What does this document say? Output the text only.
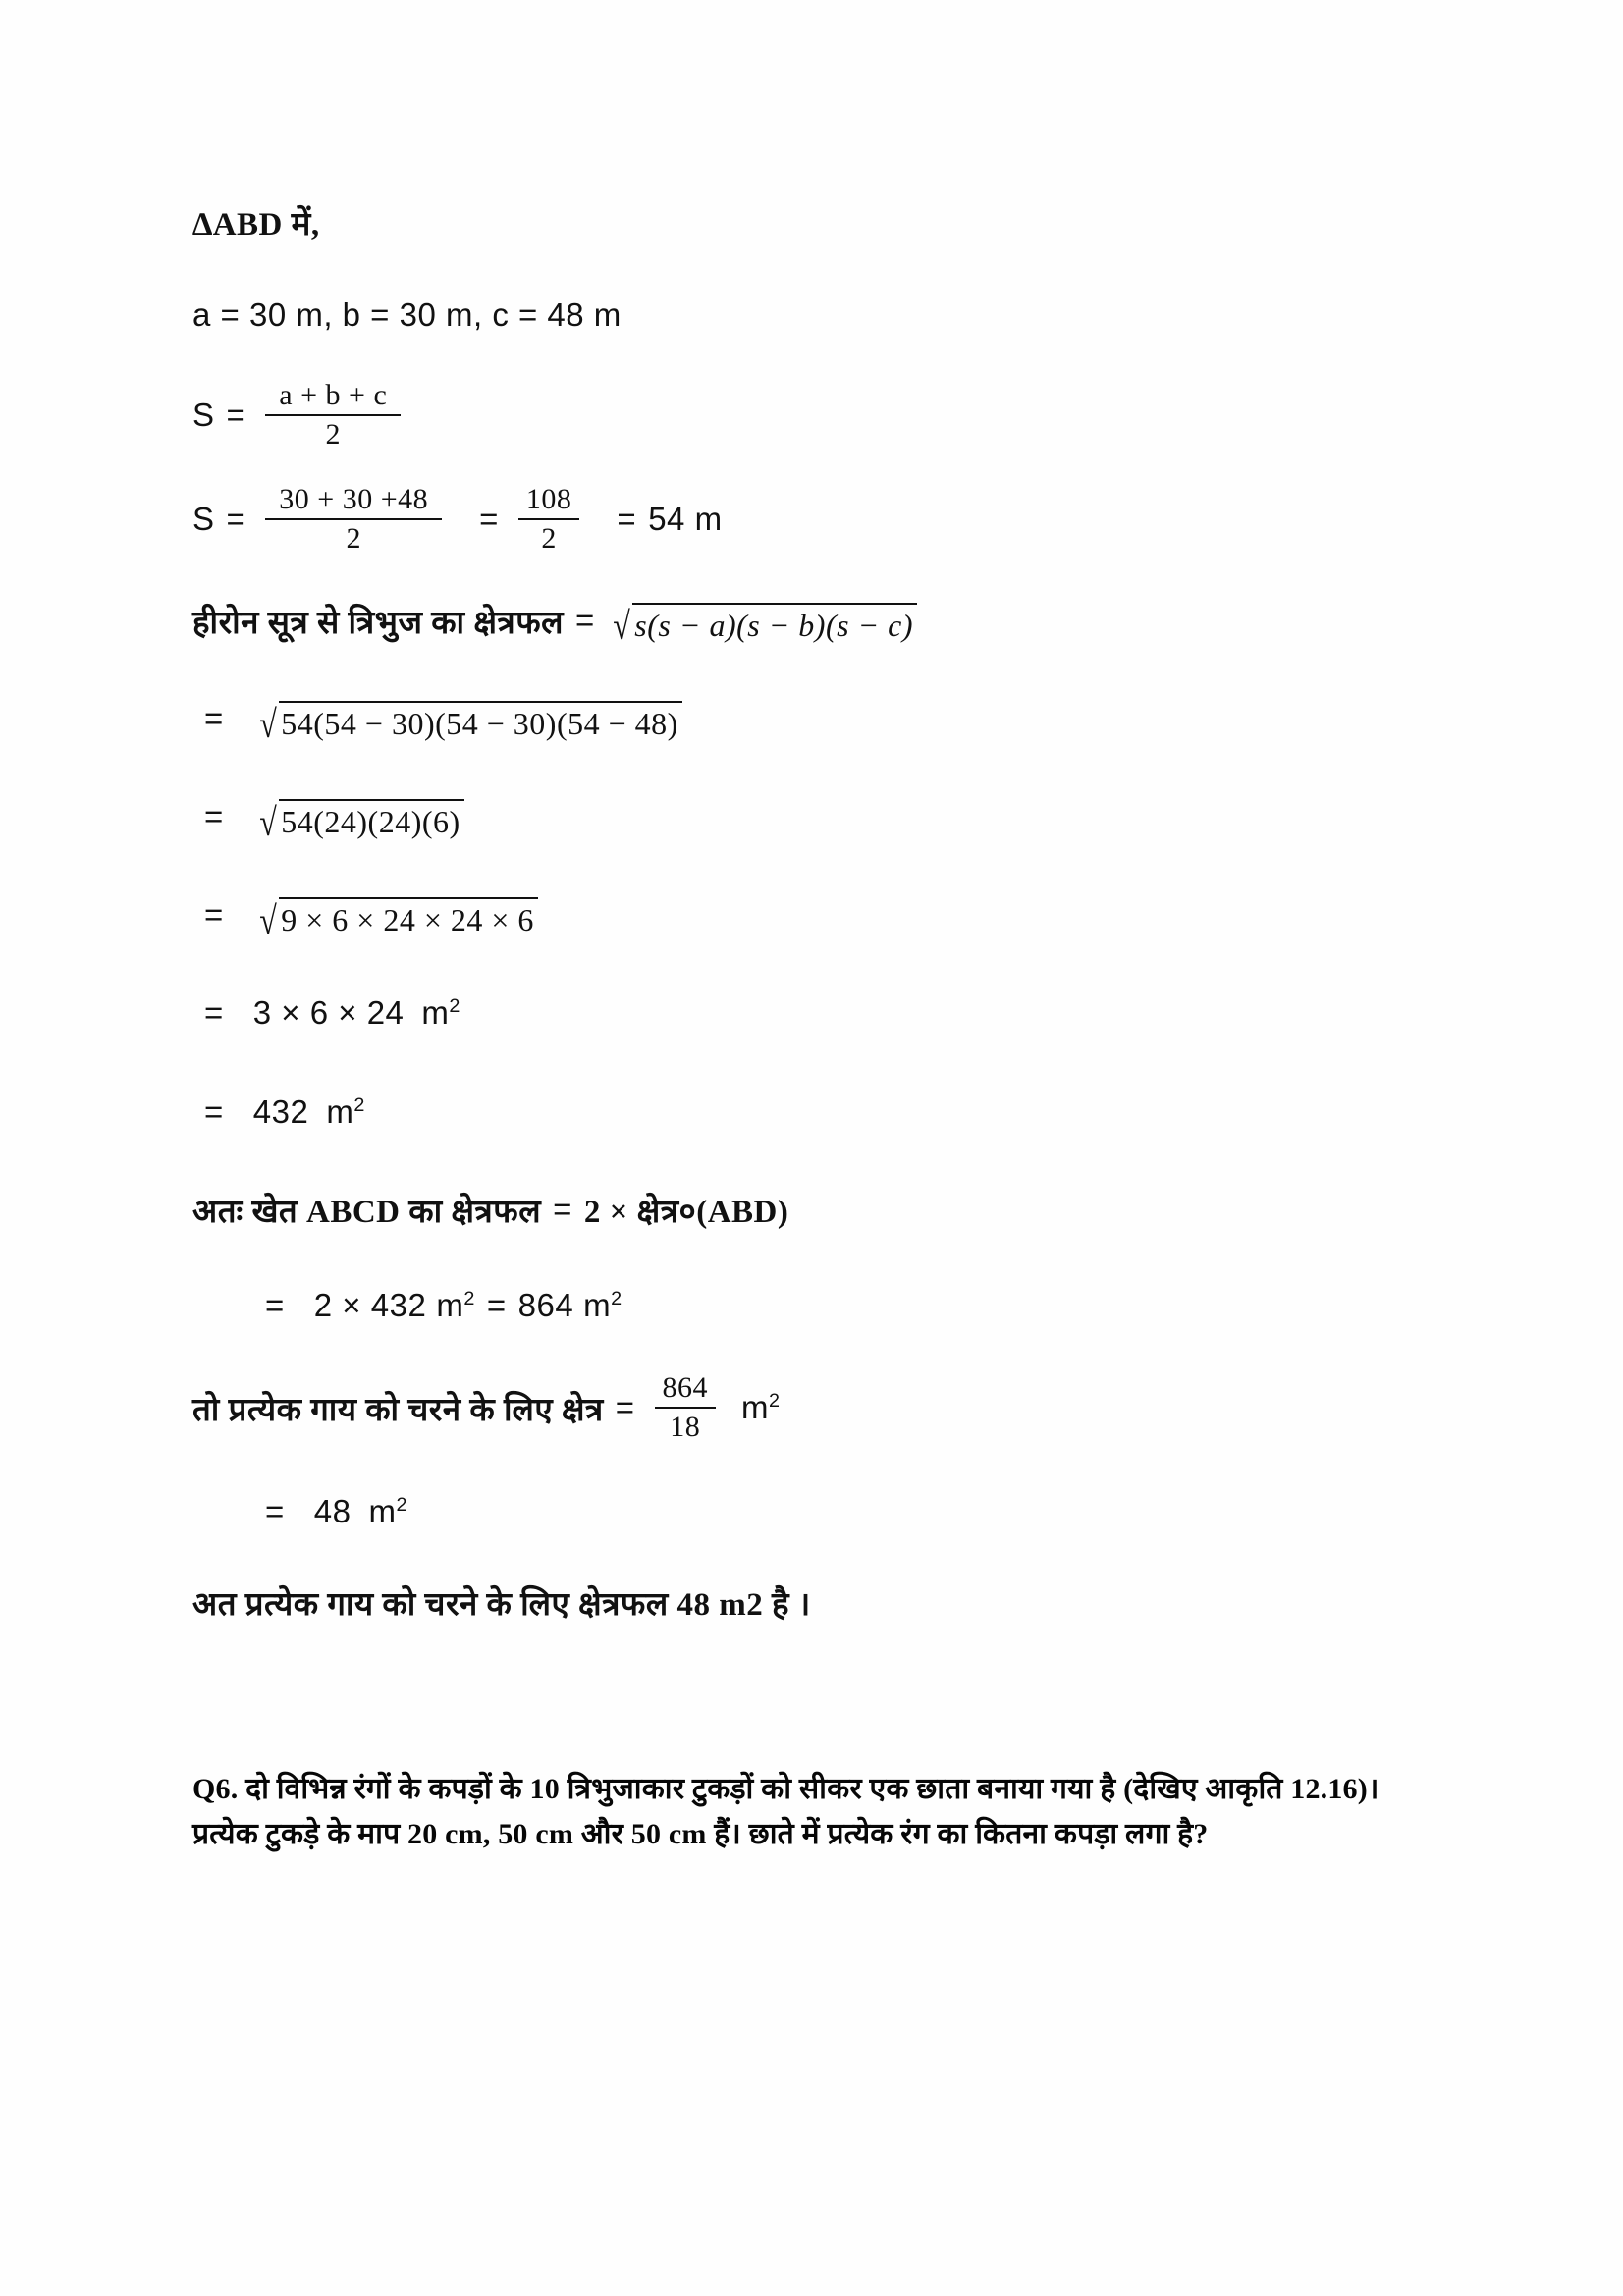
∆ABD में,
a = 30 m, b = 30 m, c = 48 m
$S = \frac{a + b + c}{2}$
$S = \frac{30 + 30 +48}{2} = \frac{108}{2} = 54$ m
हीरोन सूत्र से त्रिभुज का क्षेत्रफल = √ s(s − a)(s − b)(s − c)
= √ 54(54 − 30)(54 − 30)(54 − 48)
= √ 54(24)(24)(6)
= √ 9 × 6 × 24 × 24 × 6
= 3 × 6 × 24 $m^2$
= 432 $m^2$
अतः खेत ABCD का क्षेत्रफल = 2 × क्षेत्र०(ABD)
= 2 × 432 $m^2 = 864$ $m^2$
तो प्रत्येक गाय को चरने के लिए क्षेत्र = $\frac{864}{18} m^2$
= 48 $m^2$
अत प्रत्येक गाय को चरने के लिए क्षेत्रफल 48 m2 है ।
Q6. दो विभिन्न रंगों के कपड़ों के 10 त्रिभुजाकार टुकड़ों को सीकर एक छाता बनाया गया है (देखिए आकृति 12.16)। प्रत्येक टुकड़े के माप 20 cm, 50 cm और 50 cm हैं। छाते में प्रत्येक रंग का कितना कपड़ा लगा है?
